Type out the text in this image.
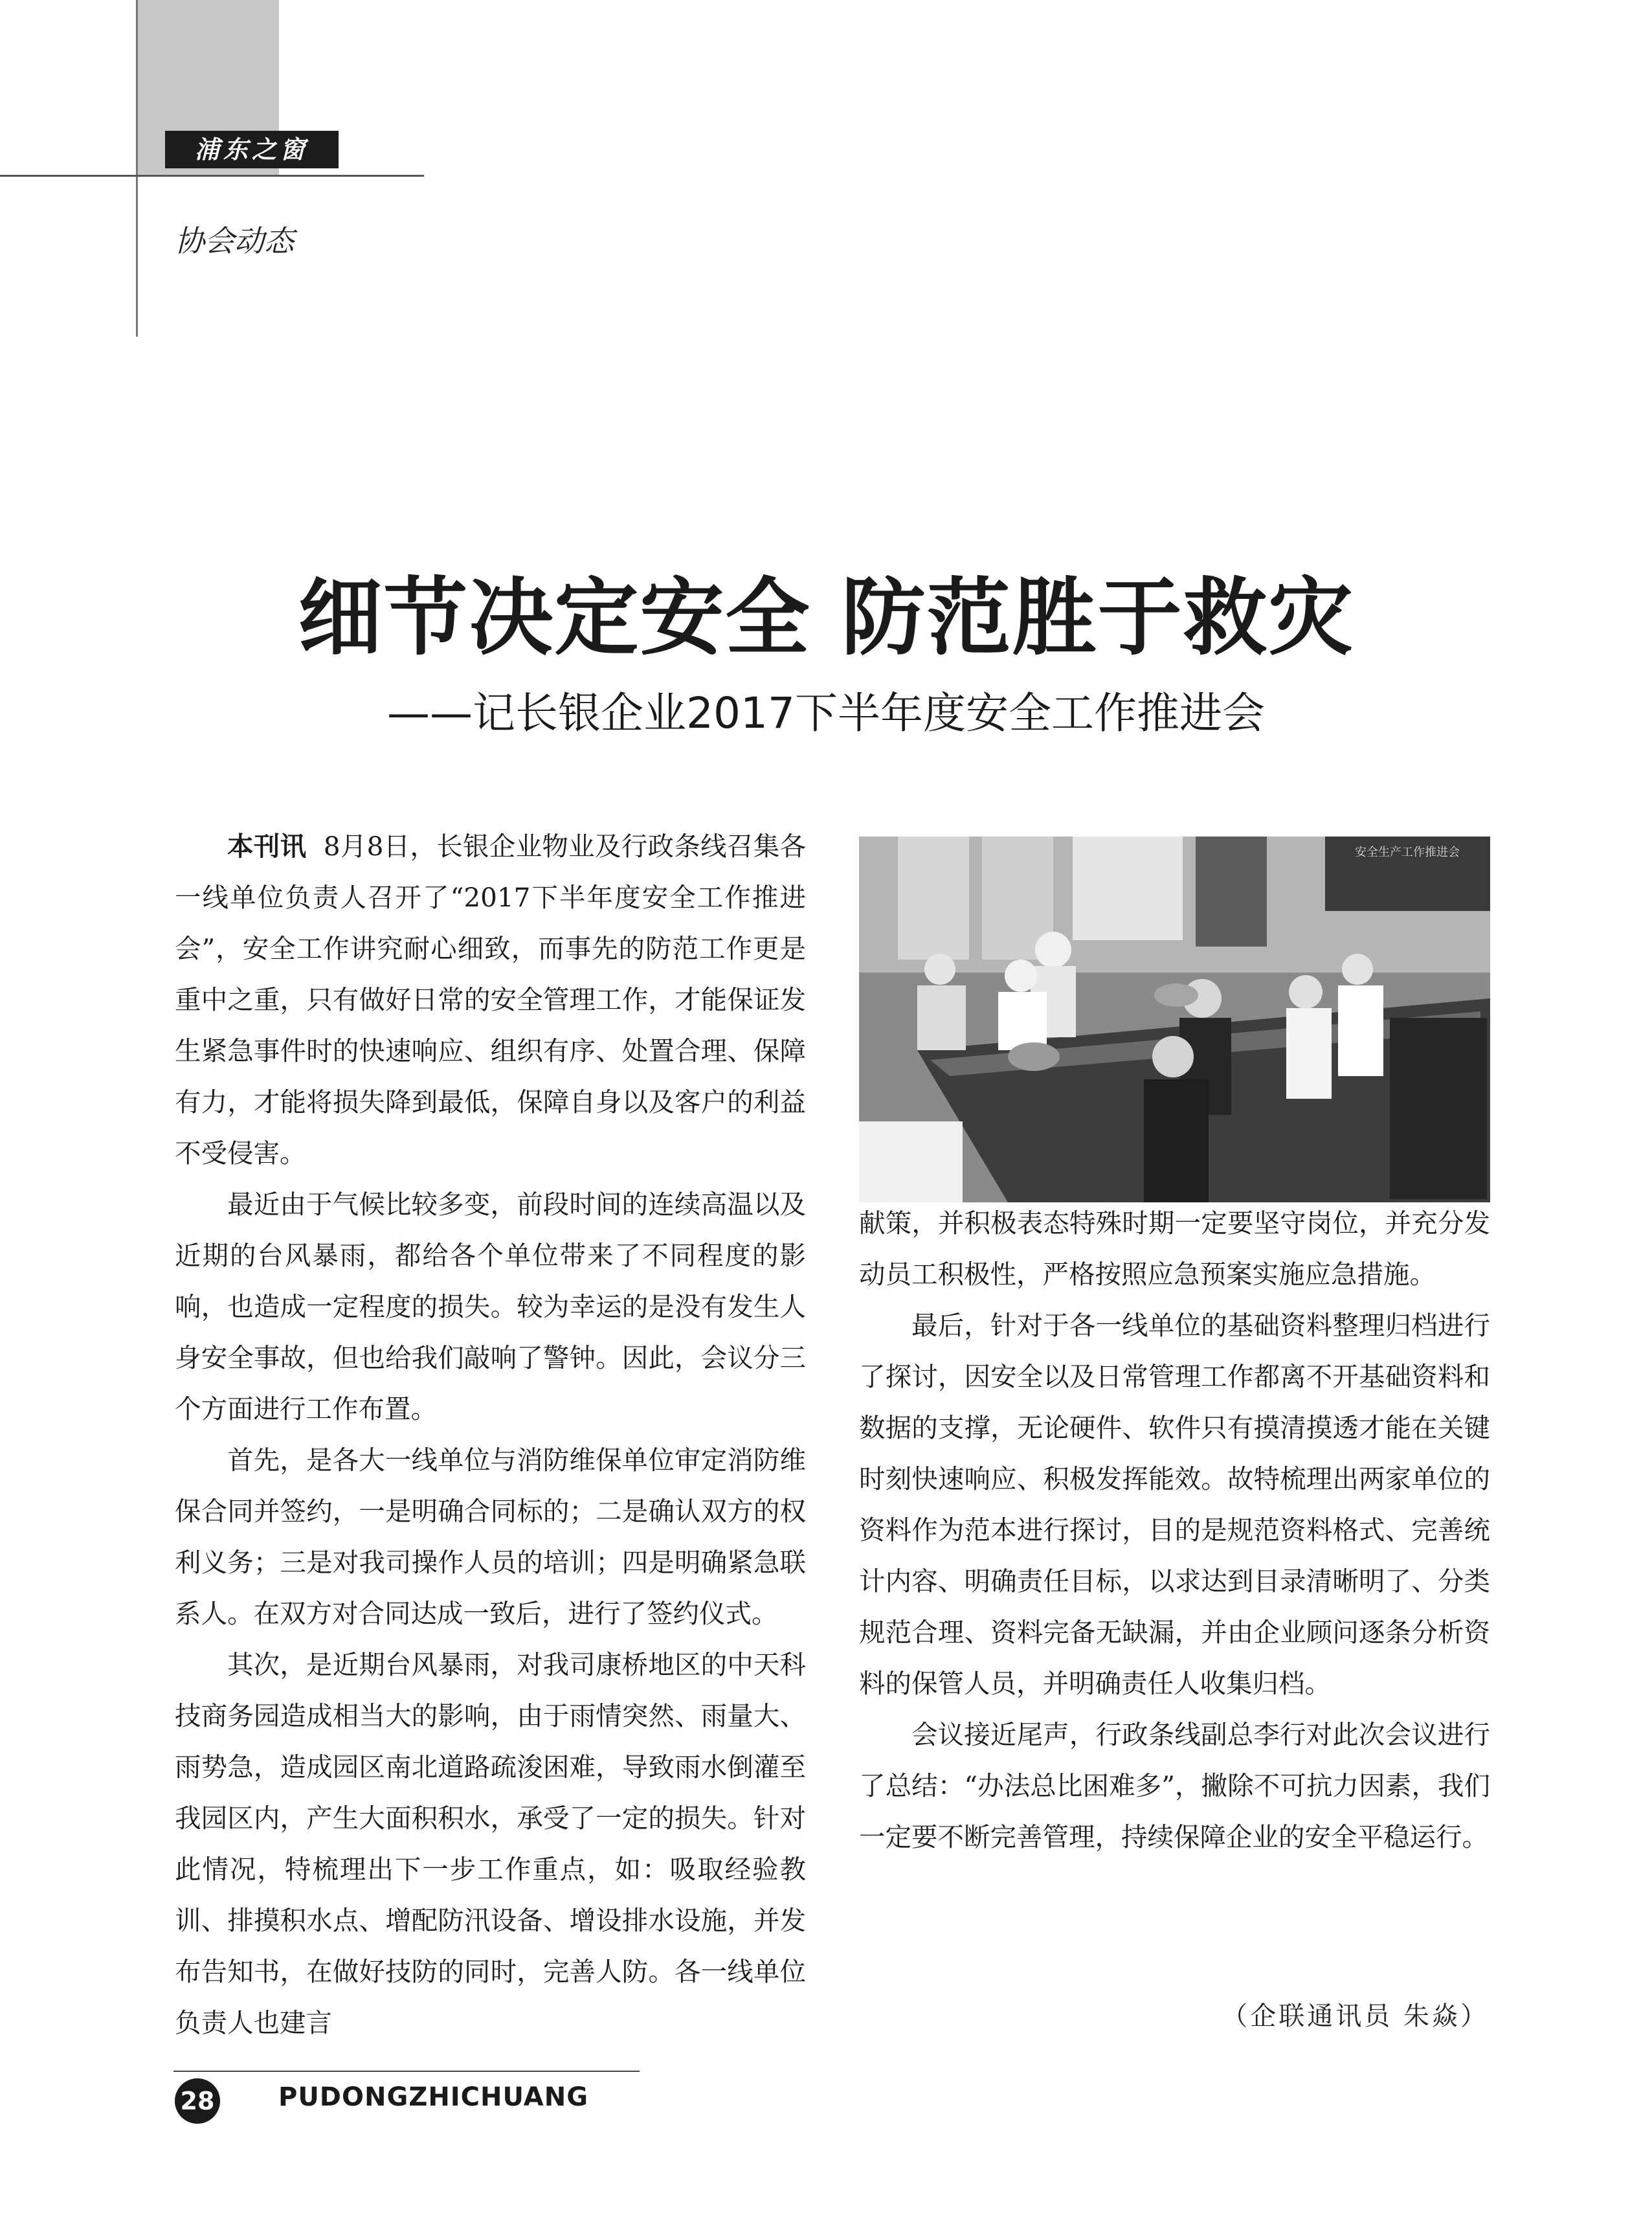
浦东之窗
协会动态
细节决定安全 防范胜于救灾
——记长银企业2017下半年度安全工作推进会

本刊讯 8月8日，长银企业物业及行政条线召集各一线单位负责人召开了“2017下半年度安全工作推进会”，安全工作讲究耐心细致，而事先的防范工作更是重中之重，只有做好日常的安全管理工作，才能保证发生紧急事件时的快速响应、组织有序、处置合理、保障有力，才能将损失降到最低，保障自身以及客户的利益不受侵害。

最近由于气候比较多变，前段时间的连续高温以及近期的台风暴雨，都给各个单位带来了不同程度的影响，也造成一定程度的损失。较为幸运的是没有发生人身安全事故，但也给我们敲响了警钟。因此，会议分三个方面进行工作布置。

首先，是各大一线单位与消防维保单位审定消防维保合同并签约，一是明确合同标的；二是确认双方的权利义务；三是对我司操作人员的培训；四是明确紧急联系人。在双方对合同达成一致后，进行了签约仪式。

其次，是近期台风暴雨，对我司康桥地区的中天科技商务园造成相当大的影响，由于雨情突然、雨量大、雨势急，造成园区南北道路疏浚困难，导致雨水倒灌至我园区内，产生大面积积水，承受了一定的损失。针对此情况，特梳理出下一步工作重点，如：吸取经验教训、排摸积水点、增配防汛设备、增设排水设施，并发布告知书，在做好技防的同时，完善人防。各一线单位负责人也建言

安全生产工作推进会

献策，并积极表态特殊时期一定要坚守岗位，并充分发动员工积极性，严格按照应急预案实施应急措施。

最后，针对于各一线单位的基础资料整理归档进行了探讨，因安全以及日常管理工作都离不开基础资料和数据的支撑，无论硬件、软件只有摸清摸透才能在关键时刻快速响应、积极发挥能效。故特梳理出两家单位的资料作为范本进行探讨，目的是规范资料格式、完善统计内容、明确责任目标，以求达到目录清晰明了、分类规范合理、资料完备无缺漏，并由企业顾问逐条分析资料的保管人员，并明确责任人收集归档。

会议接近尾声，行政条线副总李行对此次会议进行了总结：“办法总比困难多”，撇除不可抗力因素，我们一定要不断完善管理，持续保障企业的安全平稳运行。

（企联通讯员 朱焱）
28 PUDONGZHICHUANG
